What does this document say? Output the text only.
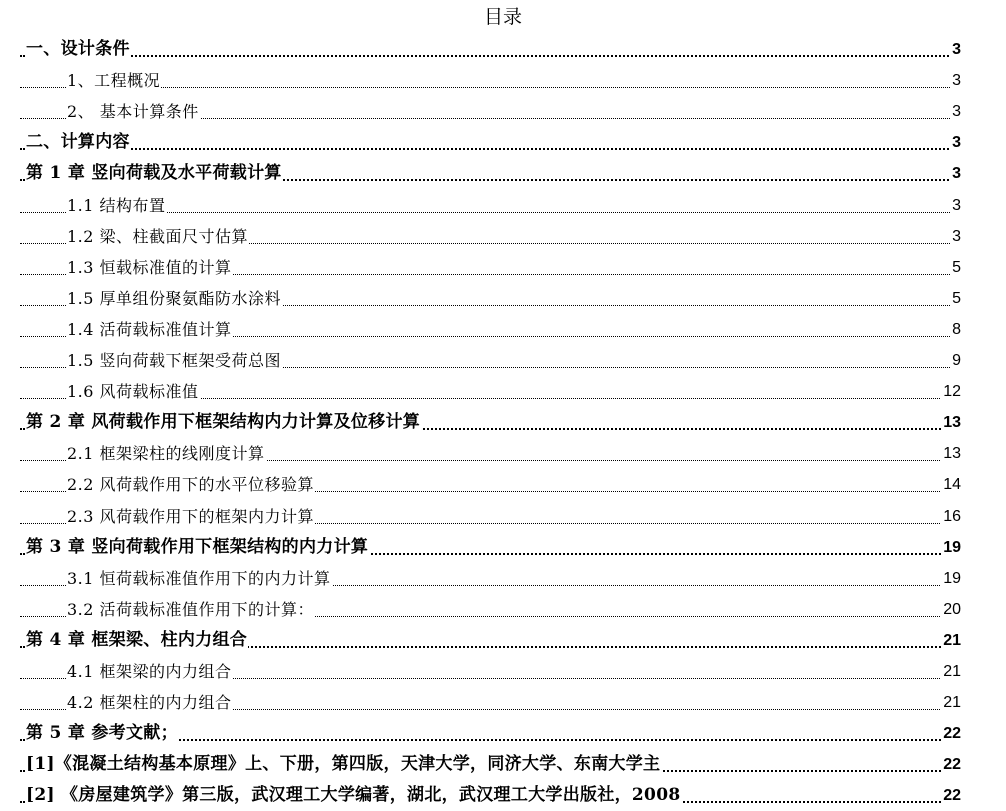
目录
一、设计条件	3
1、工程概况	3
2、 基本计算条件	3
二、计算内容	3
第 1 章 竖向荷载及水平荷载计算	3
1.1 结构布置	3
1.2 梁、柱截面尺寸估算	3
1.3 恒载标准值的计算	5
1.5 厚单组份聚氨酯防水涂料	5
1.4 活荷载标准值计算	8
1.5 竖向荷载下框架受荷总图	9
1.6 风荷载标准值	12
第 2 章 风荷载作用下框架结构内力计算及位移计算	13
2.1 框架梁柱的线刚度计算	13
2.2 风荷载作用下的水平位移验算	14
2.3 风荷载作用下的框架内力计算	16
第 3 章 竖向荷载作用下框架结构的内力计算	19
3.1 恒荷载标准值作用下的内力计算	19
3.2 活荷载标准值作用下的计算：	20
第 4 章 框架梁、柱内力组合	21
4.1 框架梁的内力组合	21
4.2 框架柱的内力组合	21
第 5 章 参考文献；	22
[1]《混凝土结构基本原理》上、下册，第四版，天津大学，同济大学、东南大学主	22
[2] 《房屋建筑学》第三版，武汉理工大学编著，湖北，武汉理工大学出版社，2008	22
